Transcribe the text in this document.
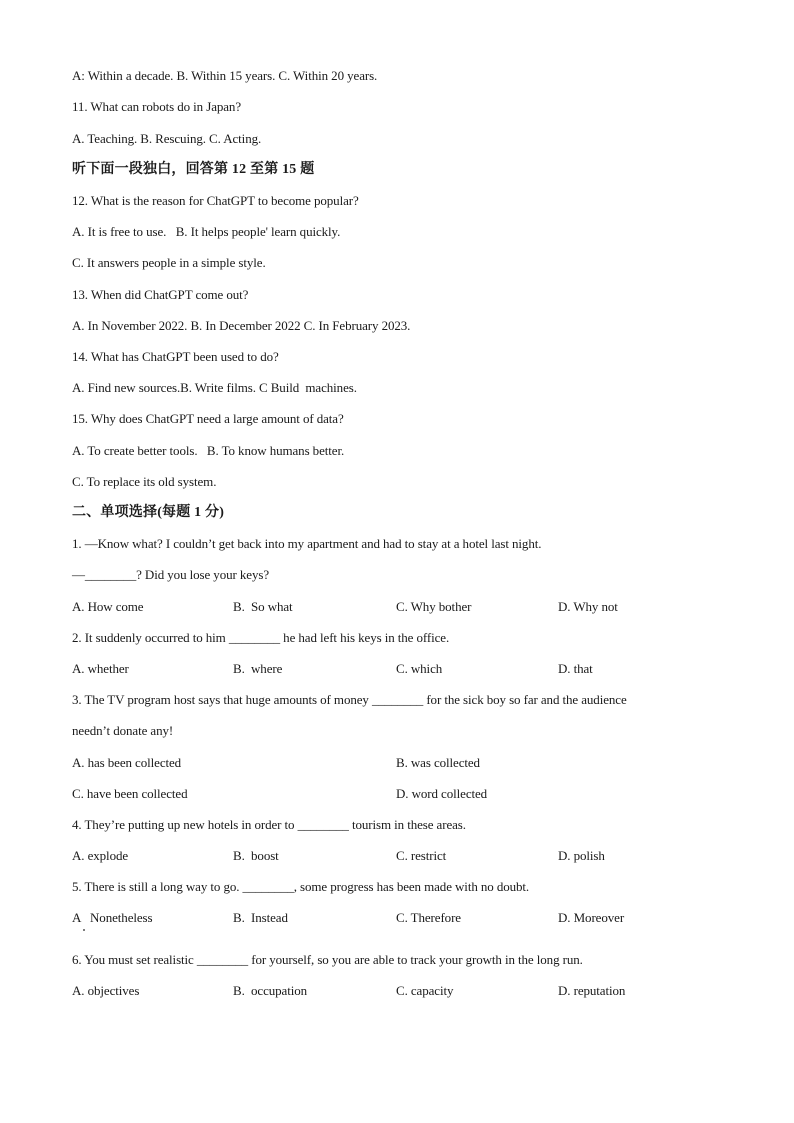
A: Within a decade. B. Within 15 years. C. Within 20 years.
11. What can robots do in Japan?
A. Teaching. B. Rescuing. C. Acting.
听下面一段独白，回答第 12 至第 15 题
12. What is the reason for ChatGPT to become popular?
A. It is free to use.   B. It helps people' learn quickly.
C. It answers people in a simple style.
13. When did ChatGPT come out?
A. In November 2022. B. In December 2022 C. In February 2023.
14. What has ChatGPT been used to do?
A. Find new sources.B. Write films. C Build  machines.
15. Why does ChatGPT need a large amount of data?
A. To create better tools.   B. To know humans better.
C. To replace its old system.
二、单项选择(每题 1 分)
1. —Know what? I couldn’t get back into my apartment and had to stay at a hotel last night.
—________? Did you lose your keys?
A. How come	B.  So what	C. Why bother	D. Why not
2. It suddenly occurred to him ________ he had left his keys in the office.
A. whether	B.  where	C. which	D. that
3. The TV program host says that huge amounts of money ________ for the sick boy so far and the audience
needn’t donate any!
A. has been collected	B. was collected
C. have been collected	D. word collected
4. They’re putting up new hotels in order to ________ tourism in these areas.
A. explode	B.  boost	C. restrict	D. polish
5. There is still a long way to go. ________, some progress has been made with no doubt.
A   Nonetheless	B.  Instead	C. Therefore	D. Moreover
6. You must set realistic ________ for yourself, so you are able to track your growth in the long run.
A. objectives	B.  occupation	C. capacity	D. reputation
